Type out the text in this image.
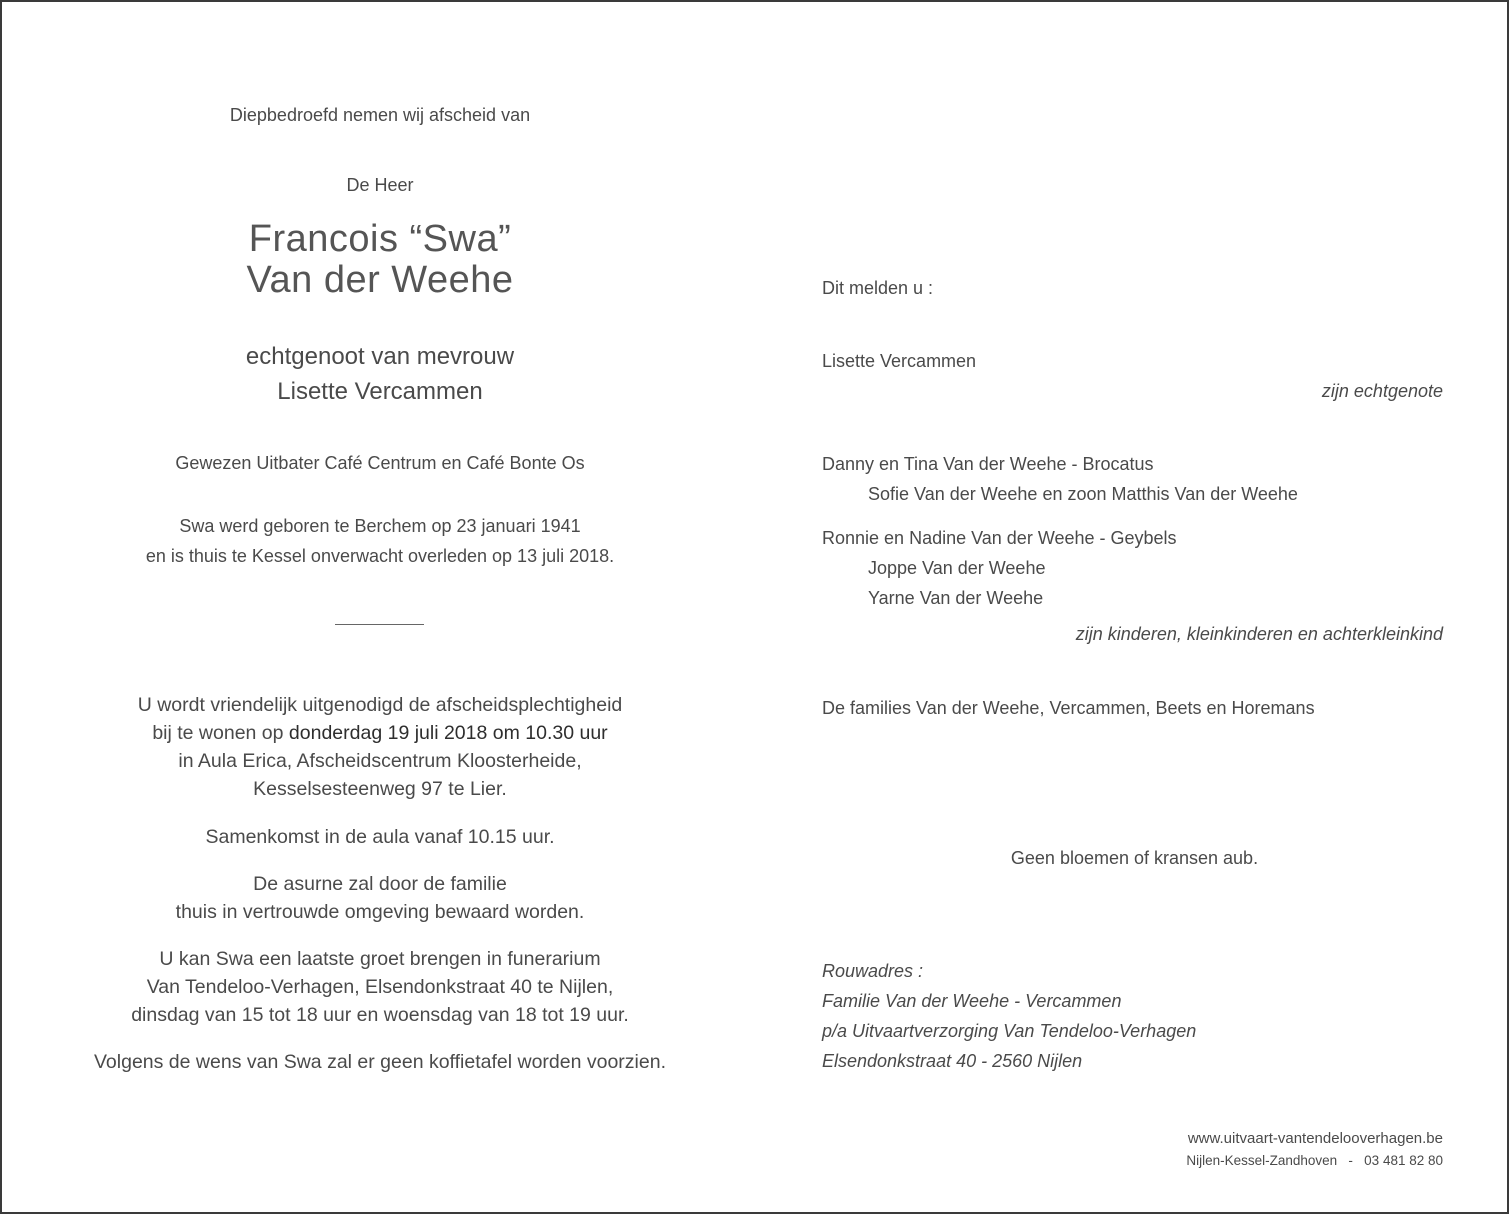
Diepbedroefd nemen wij afscheid van

De Heer

Francois “Swa”

Van der Weehe

echtgenoot van mevrouw

Lisette Vercammen

Gewezen Uitbater Café Centrum en Café Bonte Os

Swa werd geboren te Berchem op 23 januari 1941

en is thuis te Kessel onverwacht overleden op 13 juli 2018.

U wordt vriendelijk uitgenodigd de afscheidsplechtigheid

bij te wonen op donderdag 19 juli 2018 om 10.30 uur

in Aula Erica, Afscheidscentrum Kloosterheide,

Kesselsesteenweg 97 te Lier.

Samenkomst in de aula vanaf 10.15 uur.

De asurne zal door de familie

thuis in vertrouwde omgeving bewaard worden.

U kan Swa een laatste groet brengen in funerarium

Van Tendeloo-Verhagen, Elsendonkstraat 40 te Nijlen,

dinsdag van 15 tot 18 uur en woensdag van 18 tot 19 uur.

Volgens de wens van Swa zal er geen koffietafel worden voorzien.

Dit melden u :

Lisette Vercammen

zijn echtgenote

Danny en Tina Van der Weehe - Brocatus

Sofie Van der Weehe en zoon Matthis Van der Weehe

Ronnie en Nadine Van der Weehe - Geybels

Joppe Van der Weehe

Yarne Van der Weehe

zijn kinderen, kleinkinderen en achterkleinkind

De families Van der Weehe, Vercammen, Beets en Horemans

Geen bloemen of kransen aub.

Rouwadres :

Familie Van der Weehe - Vercammen

p/a Uitvaartverzorging Van Tendeloo-Verhagen

Elsendonkstraat 40 - 2560 Nijlen

www.uitvaart-vantendelooverhagen.be

Nijlen-Kessel-Zandhoven   -   03 481 82 80
